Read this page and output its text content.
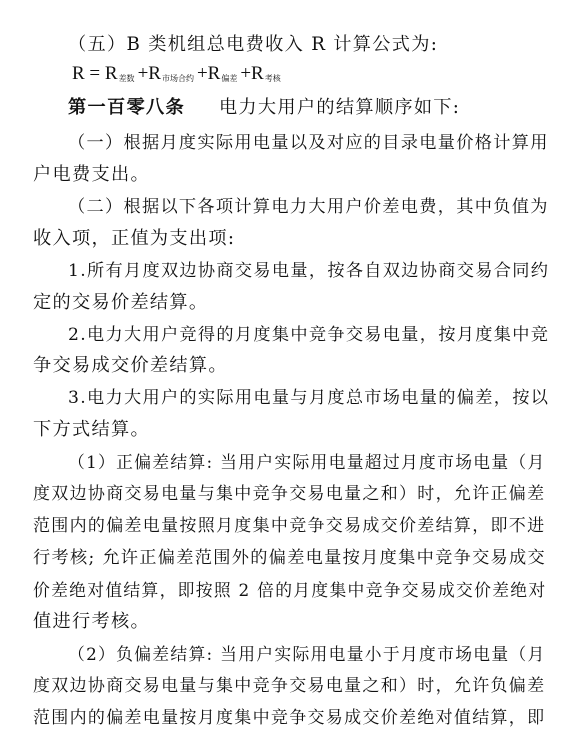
（五）B 类机组总电费收入 R 计算公式为:
$R = R_{差数} +R_{市场合约} +R_{偏差} +R_{考核}$
第一百零八条 电力大用户的结算顺序如下:
（一）根据月度实际用电量以及对应的目录电量价格计算用
户电费支出。
（二）根据以下各项计算电力大用户价差电费，其中负值为
收入项，正值为支出项:
1.所有月度双边协商交易电量，按各自双边协商交易合同约
定的交易价差结算。
2.电力大用户竞得的月度集中竞争交易电量，按月度集中竞
争交易成交价差结算。
3.电力大用户的实际用电量与月度总市场电量的偏差，按以
下方式结算。
（1）正偏差结算: 当用户实际用电量超过月度市场电量（月
度双边协商交易电量与集中竞争交易电量之和）时，允许正偏差
范围内的偏差电量按照月度集中竞争交易成交价差结算，即不进
行考核; 允许正偏差范围外的偏差电量按月度集中竞争交易成交
价差绝对值结算，即按照 2 倍的月度集中竞争交易成交价差绝对
值进行考核。
（2）负偏差结算: 当用户实际用电量小于月度市场电量（月
度双边协商交易电量与集中竞争交易电量之和）时，允许负偏差
范围内的偏差电量按月度集中竞争交易成交价差绝对值结算，即
